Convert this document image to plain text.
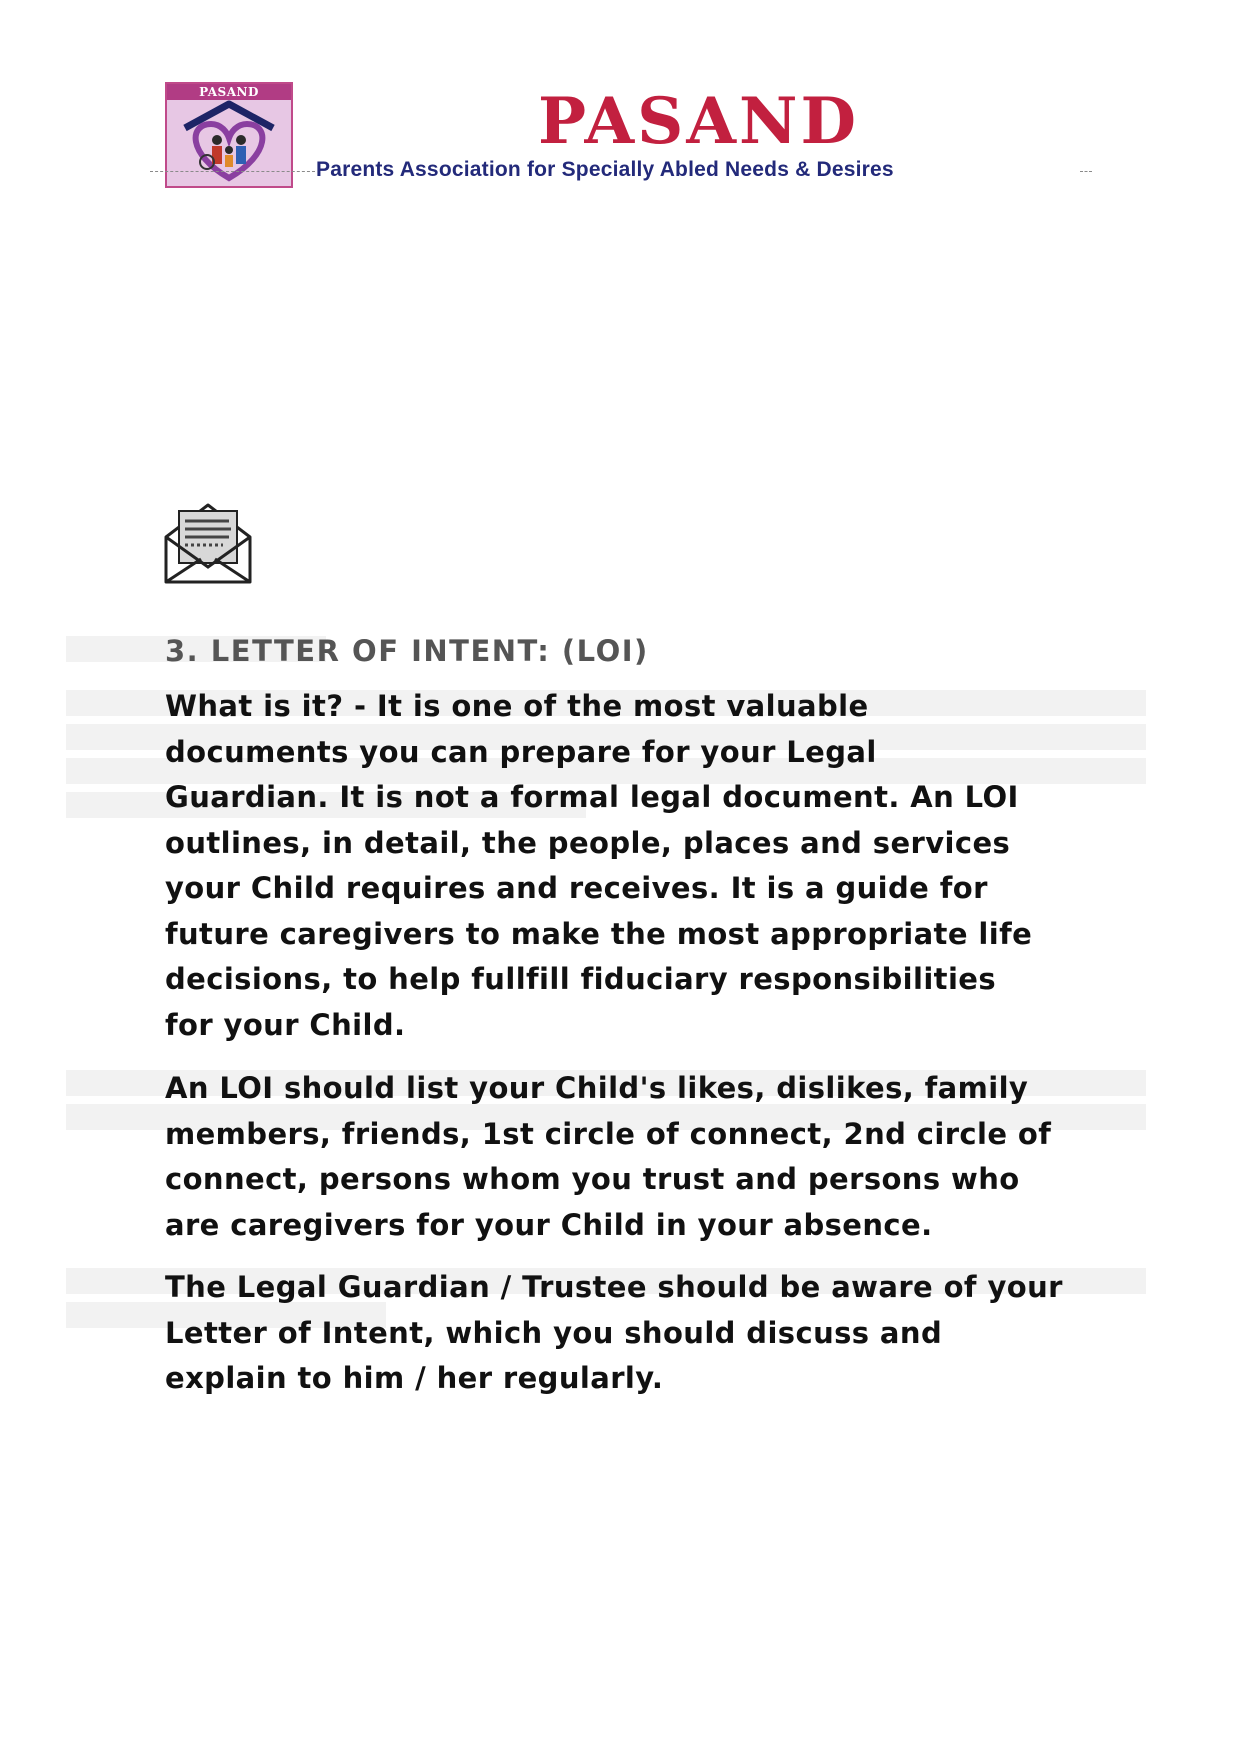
PASAND	PASAND
Parents Association for Specially Abled Needs & Desires
3. LETTER OF INTENT: (LOI)

What is it? - It is one of the most valuable documents you can prepare for your Legal Guardian. It is not a formal legal document. An LOI outlines, in detail, the people, places and services your Child requires and receives. It is a guide for future caregivers to make the most appropriate life decisions, to help fullfill fiduciary responsibilities for your Child.

An LOI should list your Child's likes, dislikes, family members, friends, 1st circle of connect, 2nd circle of connect, persons whom you trust and persons who are caregivers for your Child in your absence.

The Legal Guardian / Trustee should be aware of your Letter of Intent, which you should discuss and explain to him / her regularly.
